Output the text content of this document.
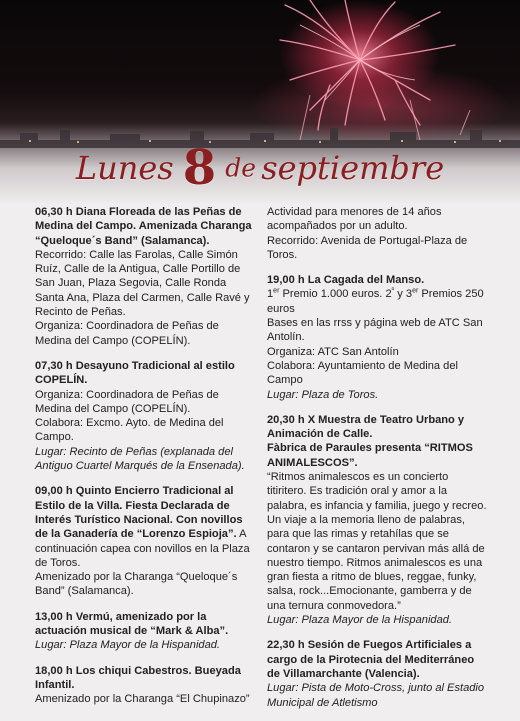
Lunes 8 de septiembre

06,30 h Diana Floreada de las Peñas de Medina del Campo. Amenizada Charanga “Queloque´s Band” (Salamanca).

Recorrido: Calle las Farolas, Calle Simón Ruíz, Calle de la Antigua, Calle Portillo de San Juan, Plaza Segovia, Calle Ronda Santa Ana, Plaza del Carmen, Calle Ravé y Recinto de Peñas.

Organiza: Coordinadora de Peñas de Medina del Campo (COPELÍN).

07,30 h Desayuno Tradicional al estilo COPELÍN.

Organiza: Coordinadora de Peñas de Medina del Campo (COPELÍN).

Colabora: Excmo. Ayto. de Medina del Campo.

Lugar: Recinto de Peñas (explanada del Antiguo Cuartel Marqués de la Ensenada).

09,00 h Quinto Encierro Tradicional al Estilo de la Villa. Fiesta Declarada de Interés Turístico Nacional. Con novillos de la Ganadería de “Lorenzo Espioja”. A continuación capea con novillos en la Plaza de Toros.

Amenizado por la Charanga “Queloque´s Band” (Salamanca).

13,00 h Vermú, amenizado por la actuación musical de “Mark & Alba”.

Lugar: Plaza Mayor de la Hispanidad.

18,00 h Los chiqui Cabestros. Bueyada Infantil.

Amenizado por la Charanga “El Chupinazo”

Actividad para menores de 14 años acompañados por un adulto.

Recorrido: Avenida de Portugal-Plaza de Toros.

19,00 h La Cagada del Manso.

1er Premio 1.000 euros. $2^º$ y 3er Premios 250 euros

Bases en las rrss y página web de ATC San Antolín.

Organiza: ATC San Antolín

Colabora: Ayuntamiento de Medina del Campo

Lugar: Plaza de Toros.

20,30 h X Muestra de Teatro Urbano y Animación de Calle.

Fàbrica de Paraules presenta “RITMOS ANIMALESCOS”.

“Ritmos animalescos es un concierto titiritero. Es tradición oral y amor a la palabra, es infancia y familia, juego y recreo. Un viaje a la memoria lleno de palabras, para que las rimas y retahílas que se contaron y se cantaron pervivan más allá de nuestro tiempo. Ritmos animalescos es una gran fiesta a ritmo de blues, reggae, funky, salsa, rock...Emocionante, gamberra y de una ternura conmovedora.”

Lugar: Plaza Mayor de la Hispanidad.

22,30 h Sesión de Fuegos Artificiales a cargo de la Pirotecnia del Mediterráneo de Villamarchante (Valencia).

Lugar: Pista de Moto-Cross, junto al Estadio Municipal de Atletismo
